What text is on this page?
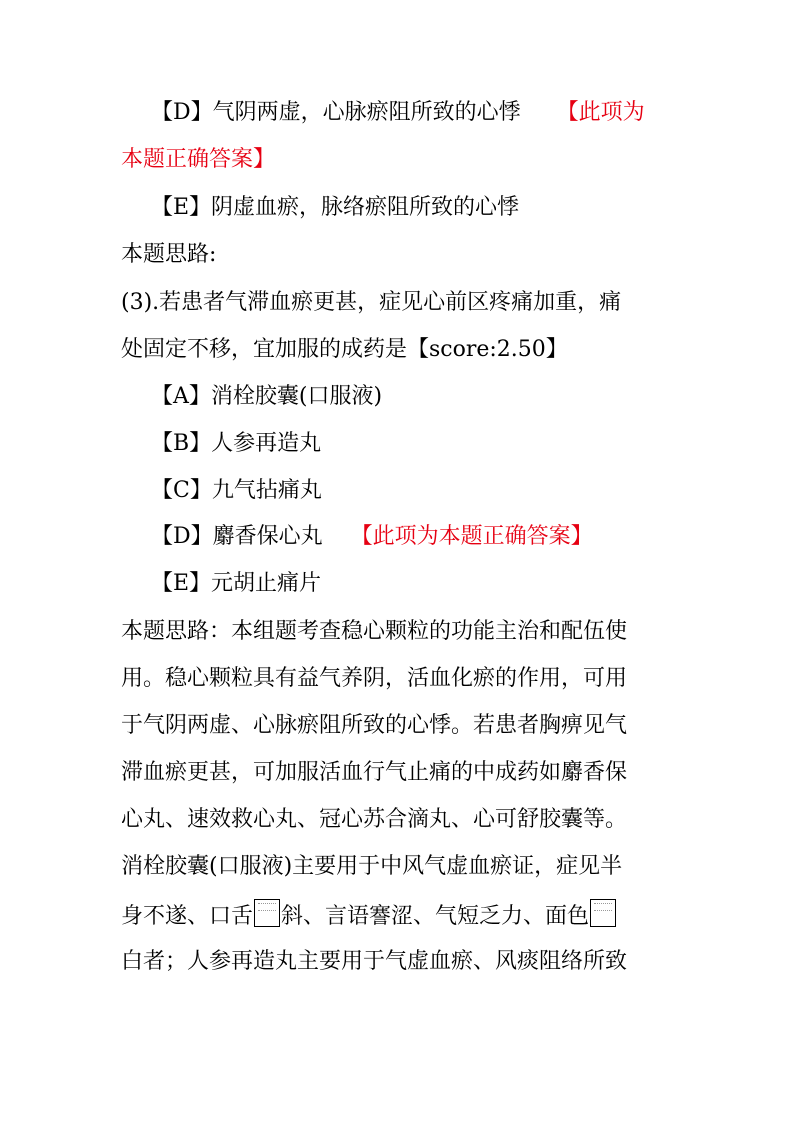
【D】气阴两虚，心脉瘀阻所致的心悸 【此项为
本题正确答案】
【E】阴虚血瘀，脉络瘀阻所致的心悸
本题思路:
(3).若患者气滞血瘀更甚，症见心前区疼痛加重，痛
处固定不移，宜加服的成药是【score:2.50】
【A】消栓胶囊(口服液)
【B】人参再造丸
【C】九气拈痛丸
【D】麝香保心丸 【此项为本题正确答案】
【E】元胡止痛片
本题思路：本组题考查稳心颗粒的功能主治和配伍使
用。稳心颗粒具有益气养阴，活血化瘀的作用，可用
于气阴两虚、心脉瘀阻所致的心悸。若患者胸痹见气
滞血瘀更甚，可加服活血行气止痛的中成药如麝香保
心丸、速效救心丸、冠心苏合滴丸、心可舒胶囊等。
消栓胶囊(口服液)主要用于中风气虚血瘀证，症见半
身不遂、口舌 斜、言语謇涩、气短乏力、面色
白者；人参再造丸主要用于气虚血瘀、风痰阻络所致
